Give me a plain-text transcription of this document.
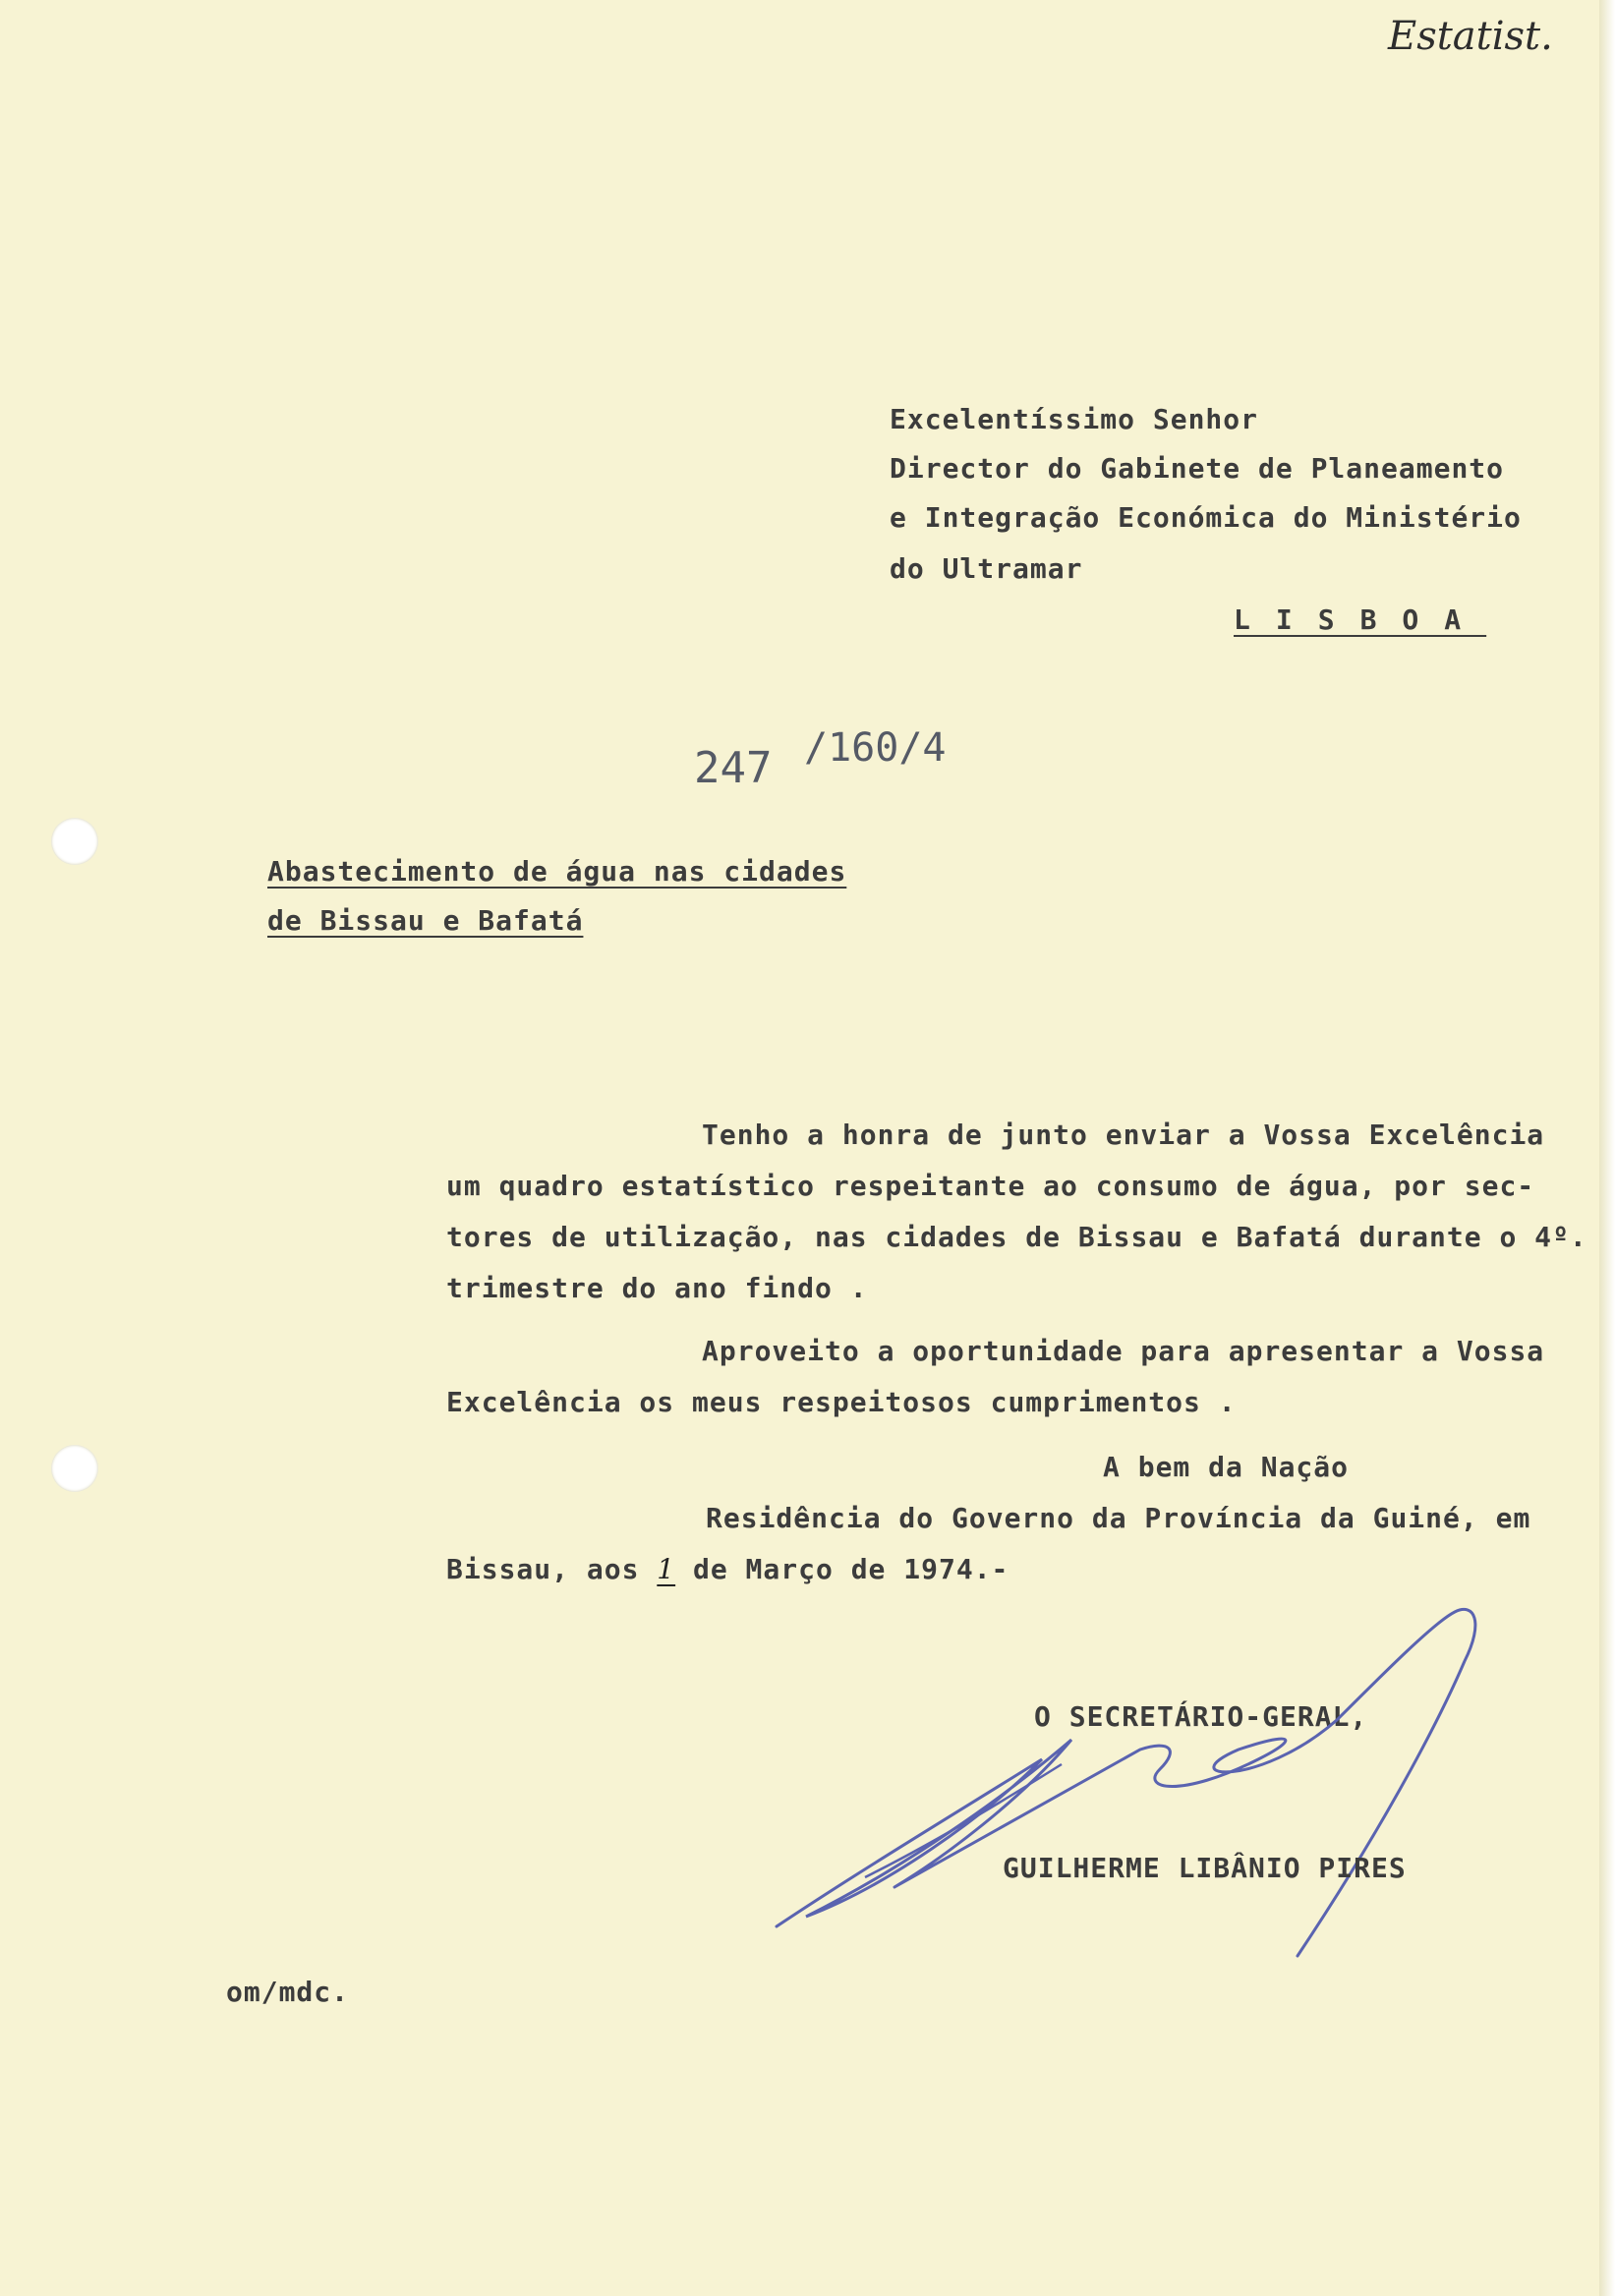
Estatist.
Excelentíssimo Senhor
Director do Gabinete de Planeamento
e Integração Económica do Ministério
do Ultramar
LISBOA
247 /160/4
Abastecimento de água nas cidades
de Bissau e Bafatá
Tenho a honra de junto enviar a Vossa Excelência
um quadro estatístico respeitante ao consumo de água, por sec-
tores de utilização, nas cidades de Bissau e Bafatá durante o 4º.
trimestre do ano findo .
Aproveito a oportunidade para apresentar a Vossa
Excelência os meus respeitosos cumprimentos .
A bem da Nação
Residência do Governo da Província da Guiné, em
Bissau, aos 1 de Março de 1974.-
O SECRETÁRIO-GERAL,
GUILHERME LIBÂNIO PIRES
om/mdc.
